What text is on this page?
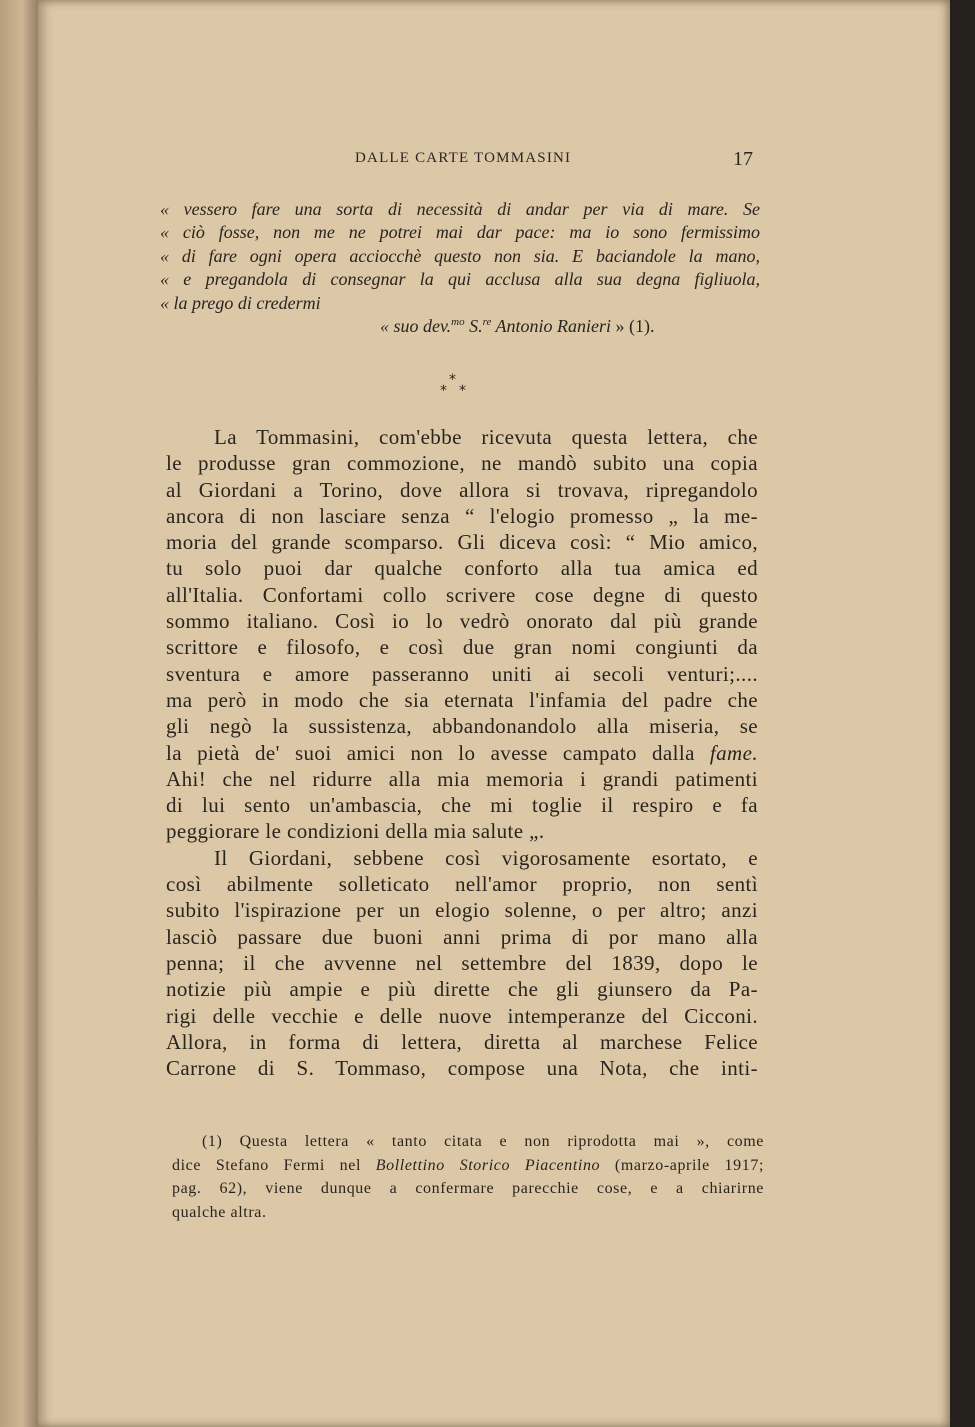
DALLE CARTE TOMMASINI	17
« vessero fare una sorta di necessità di andar per via di mare. Se
« ciò fosse, non me ne potrei mai dar pace: ma io sono fermissimo
« di fare ogni opera acciocchè questo non sia. E baciandole la mano,
« e pregandola di consegnar la qui acclusa alla sua degna figliuola,
« la prego di credermi
« suo dev.$^{mo}$ S.$^{re}$ Antonio Ranieri » (1).
*
* *
La Tommasini, com'ebbe ricevuta questa lettera, che
le produsse gran commozione, ne mandò subito una copia
al Giordani a Torino, dove allora si trovava, ripregandolo
ancora di non lasciare senza “ l'elogio promesso „ la me-
moria del grande scomparso. Gli diceva così: “ Mio amico,
tu solo puoi dar qualche conforto alla tua amica ed
all'Italia. Confortami collo scrivere cose degne di questo
sommo italiano. Così io lo vedrò onorato dal più grande
scrittore e filosofo, e così due gran nomi congiunti da
sventura e amore passeranno uniti ai secoli venturi;....
ma però in modo che sia eternata l'infamia del padre che
gli negò la sussistenza, abbandonandolo alla miseria, se
la pietà de' suoi amici non lo avesse campato dalla fame.
Ahi! che nel ridurre alla mia memoria i grandi patimenti
di lui sento un'ambascia, che mi toglie il respiro e fa
peggiorare le condizioni della mia salute „.
Il Giordani, sebbene così vigorosamente esortato, e
così abilmente solleticato nell'amor proprio, non sentì
subito l'ispirazione per un elogio solenne, o per altro; anzi
lasciò passare due buoni anni prima di por mano alla
penna; il che avvenne nel settembre del 1839, dopo le
notizie più ampie e più dirette che gli giunsero da Pa-
rigi delle vecchie e delle nuove intemperanze del Cicconi.
Allora, in forma di lettera, diretta al marchese Felice
Carrone di S. Tommaso, compose una Nota, che inti-
(1) Questa lettera « tanto citata e non riprodotta mai », come
dice Stefano Fermi nel Bollettino Storico Piacentino (marzo-aprile 1917;
pag. 62), viene dunque a confermare parecchie cose, e a chiarirne
qualche altra.
